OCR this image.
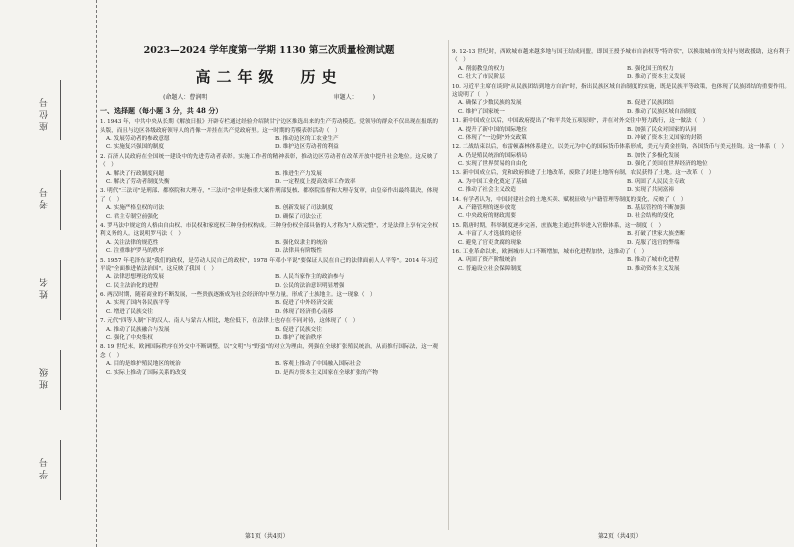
座位号
考号
姓名
班级
学号
2023—2024 学年度第一学期 1130 第三次质量检测试题
高二年级　历史
(命题人：曹润明	审题人：　　　)
一、选择题（每小题 3 分，共 48 分）
1. 1943 年，中共中央从长期《解放日报》开辟专栏通过经验介绍陕甘宁边区推选出来的生产劳动模范。党领导的群众不仅出现在报纸的头版，而且与边区各级政府领导人的肖像一并挂在共产党政府里。这一时期的劳模表彰活动（　）
A. 发展劳动者的参政意愿	B. 推动边区的工农业生产
C. 实施复兴强国的制度	D. 维护边区劳动者的利益
2. 百济人民政府在全国统一建设中的先进劳动者表彰。实施工作者的精神表彰，推动边区劳动者在改革开放中提升社会地位。这反映了（　）
A. 解决了行政制度问题	B. 推进生产力发展
C. 解决了劳动者制度失衡	D. 一定程度上提高效率工作效率
3. 明代"三法司"是刑部、都察院和大理寺，"三法司"会审是指重大案件刑部复核、都察院监督和大理寺复审，由皇帝作出最终裁决，体现了（　）
A. 实施严格皇权的司法	B. 创新发展了司法制度
C. 君主专制空前强化	D. 确保了司法公正
4. 罗马法中规定的人格由自由权、市民权和家庭权三种身份权构成。三种身份权全部具备的人才称为"人格完整"，才是法律上享有完全权利义务的人。这说明罗马法（　）
A. 关注法律的规范性	B. 强化奴隶主的统治
C. 注重维护罗马的秩序	D. 法律具有阶级性
5. 1957 年毛泽东说"我们的政权，是劳动人民自己的政权"，1978 年邓小平说"要保证人民在自己的法律面前人人平等"。2014 年习近平说"全面推进依法治国"。这反映了我国（　）
A. 法律思想理论的发展	B. 人民当家作主的政治参与
C. 民主法治化的进程	D. 公民的法治意识明显增强
6. 两汉时期，随着商业的不断发展，一些贵族逐渐成为社会经济的中坚力量，形成了士族地主。这一现象（　）
A. 实现了国内各民族平等	B. 促进了中外经济交流
C. 增进了民族交往	D. 体现了经济重心南移
7. 元代"四等人制"下的汉人、南人与蒙古人相比，地位低下，在法律上也存在不同对待，这体现了（　）
A. 推动了民族融合与发展	B. 促进了民族交往
C. 强化了中央集权	D. 维护了统治秩序
8. 19 世纪末，欧洲国际秩序在外交中不断调整，以"文明"与"野蛮"的对立为理由，列强在全球扩张殖民统治，从而推行国际法，这一观念（　）
A. 目的是维护殖民地区的统治	B. 客观上推动了中国融入国际社会
C. 实际上推动了国际关系的改变	D. 是西方资本主义国家在全球扩张的产物
9. 12-13 世纪时，西欧城市越来越多地与国王结成同盟，即国王授予城市自治权等"特许状"，以换取城市的支持与财政援助，这有利于（　）
A. 削弱教皇的权力	B. 强化国王的权力
C. 壮大了市民阶层	D. 推动了资本主义发展
10. 习近平主席在谈到"从民族团结到地方自治"时，指出民族区域自治制度的实施，既是民族平等政策，也体现了民族团结的重要作用。这说明了（　）
A. 确保了少数民族的发展	B. 促进了民族团结
C. 维护了国家统一	D. 推动了民族区域自治制度
11. 新中国成立以后，中国政府提出了"和平共处五项原则"，并在对外交往中努力践行，这一做法（　）
A. 提升了新中国的国际地位	B. 加强了民众对国家的认同
C. 体现了"一边倒"外交政策	D. 冲破了资本主义国家的封锁
12. 二战结束以后，布雷顿森林体系建立，以美元为中心的国际货币体系形成，美元与黄金挂钩，各国货币与美元挂钩。这一体系（　）
A. 仍是殖民统治的国际格局	B. 加快了多极化发展
C. 实现了世界贸易的自由化	D. 强化了美国在世界经济的地位
13. 新中国成立后，党和政府推进了土地改革，废除了封建土地所有制，农民获得了土地。这一改革（　）
A. 为中国工业化奠定了基础	B. 巩固了人民民主专政
C. 推动了社会主义改造	D. 实现了共同富裕
14. 有学者认为，中国封建社会的土地买卖、赋税征收与户籍管理等制度的变化，反映了（　）
A. 产籍管理的逐步放宽	B. 基层管控的不断加强
C. 中央政府的财政需要	D. 社会结构的变化
15. 隋唐时期，科举制度逐步完善，庶族地主通过科举进入官僚体系，这一制度（　）
A. 丰富了人才选拔的途径	B. 打破了世家大族垄断
C. 避免了官吏贪腐的现象	D. 克服了选官的弊端
16. 工业革命以来，欧洲城市人口不断增加，城市化进程加快，这推动了（　）
A. 巩固了资产阶级统治	B. 推动了城市化进程
C. 普遍设立社会保障制度	D. 推动资本主义发展
第1页（共4页）	第2页（共4页）
